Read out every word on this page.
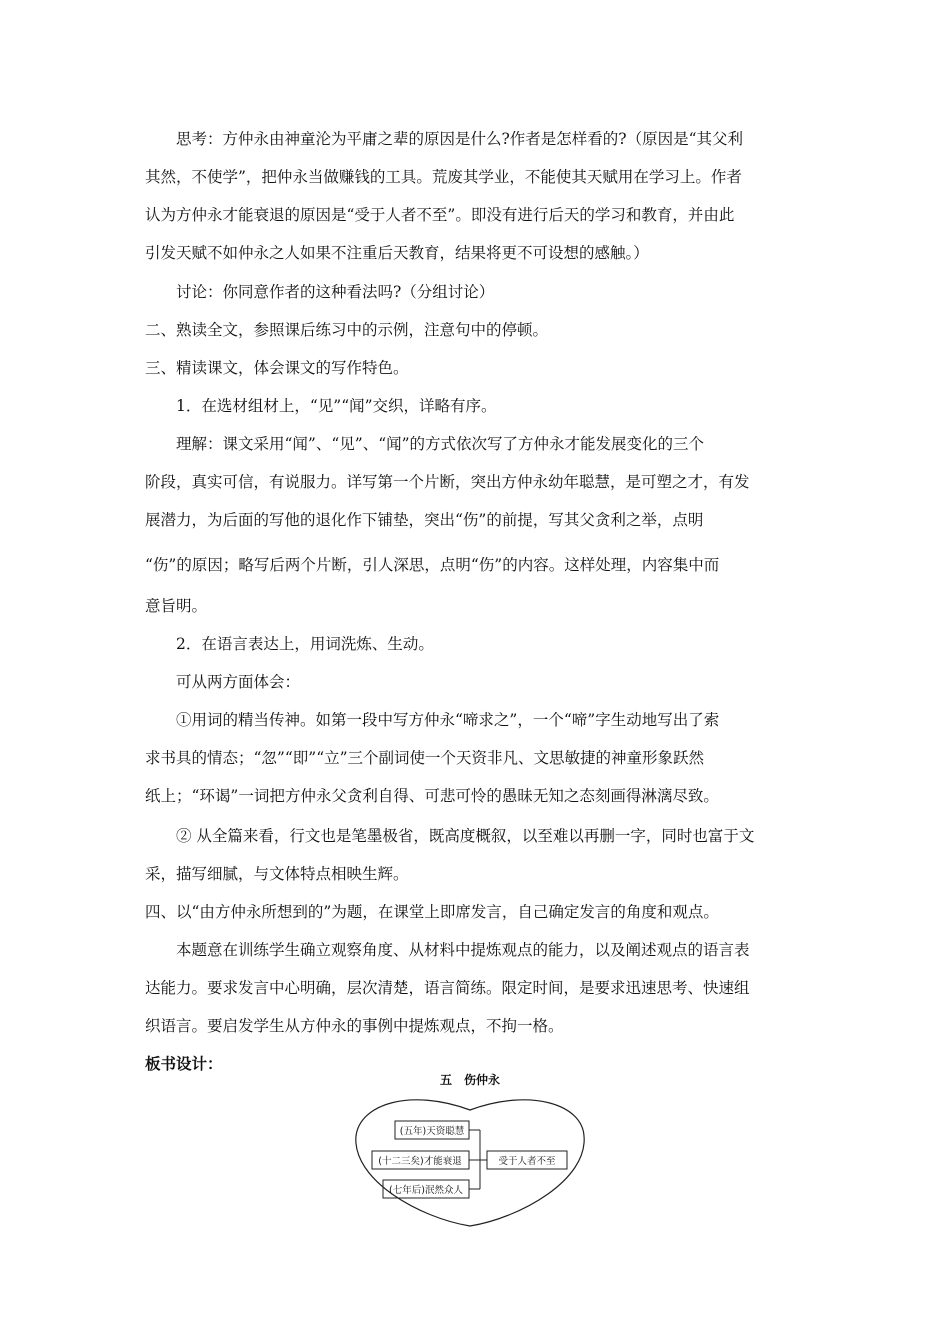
思考：方仲永由神童沦为平庸之辈的原因是什么?作者是怎样看的?（原因是“其父利
其然，不使学”，把仲永当做赚钱的工具。荒废其学业，不能使其天赋用在学习上。作者
认为方仲永才能衰退的原因是“受于人者不至”。即没有进行后天的学习和教育，并由此
引发天赋不如仲永之人如果不注重后天教育，结果将更不可设想的感触。）
讨论：你同意作者的这种看法吗?（分组讨论）
二、熟读全文，参照课后练习中的示例，注意句中的停顿。
三、精读课文，体会课文的写作特色。
1．在选材组材上，“见”“闻”交织，详略有序。
理解：课文采用“闻”、“见”、“闻”的方式依次写了方仲永才能发展变化的三个
阶段，真实可信，有说服力。详写第一个片断，突出方仲永幼年聪慧，是可塑之才，有发
展潜力，为后面的写他的退化作下铺垫，突出“伤”的前提，写其父贪利之举，点明
“伤”的原因；略写后两个片断，引人深思，点明“伤”的内容。这样处理，内容集中而
意旨明。
2．在语言表达上，用词洗炼、生动。
可从两方面体会：
①用词的精当传神。如第一段中写方仲永“啼求之”，一个“啼”字生动地写出了索
求书具的情态；“忽”“即”“立”三个副词使一个天资非凡、文思敏捷的神童形象跃然
纸上；“环谒”一词把方仲永父贪利自得、可悲可怜的愚昧无知之态刻画得淋漓尽致。
② 从全篇来看，行文也是笔墨极省，既高度概叙，以至难以再删一字，同时也富于文
采，描写细腻，与文体特点相映生辉。
四、以“由方仲永所想到的”为题，在课堂上即席发言，自己确定发言的角度和观点。
本题意在训练学生确立观察角度、从材料中提炼观点的能力，以及阐述观点的语言表
达能力。要求发言中心明确，层次清楚，语言简练。限定时间，是要求迅速思考、快速组
织语言。要启发学生从方仲永的事例中提炼观点，不拘一格。
板书设计：
五　伤仲永
(五年)天资聪慧
(十二三矣)才能衰退
(七年后)泯然众人
受于人者不至
